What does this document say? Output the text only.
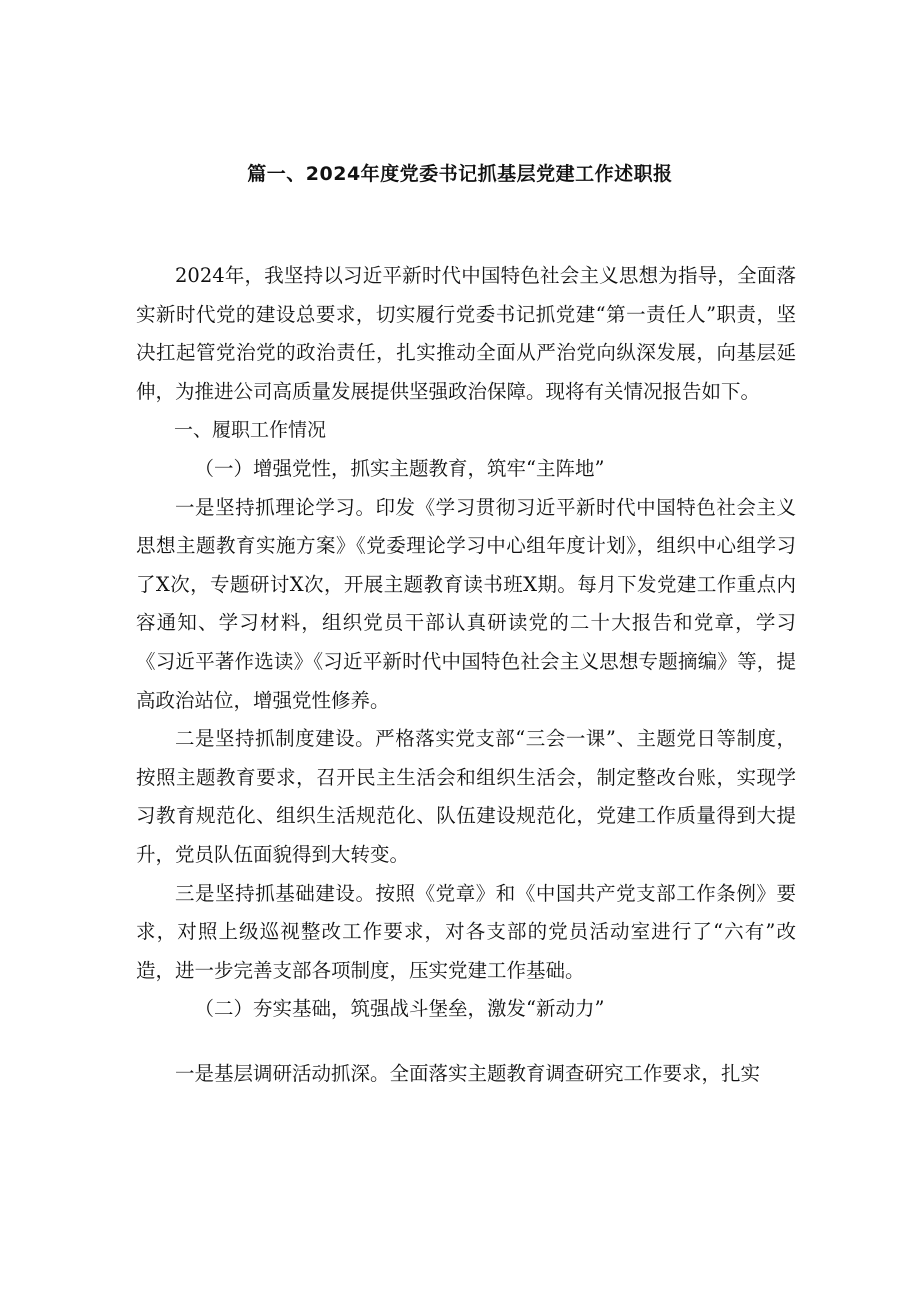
篇一、2024年度党委书记抓基层党建工作述职报

2024年，我坚持以习近平新时代中国特色社会主义思想为指导，全面落实新时代党的建设总要求，切实履行党委书记抓党建“第一责任人”职责，坚决扛起管党治党的政治责任，扎实推动全面从严治党向纵深发展，向基层延伸，为推进公司高质量发展提供坚强政治保障。现将有关情况报告如下。

一、履职工作情况

（一）增强党性，抓实主题教育，筑牢“主阵地”

一是坚持抓理论学习。印发《学习贯彻习近平新时代中国特色社会主义思想主题教育实施方案》《党委理论学习中心组年度计划》，组织中心组学习了X次，专题研讨X次，开展主题教育读书班X期。每月下发党建工作重点内容通知、学习材料，组织党员干部认真研读党的二十大报告和党章，学习《习近平著作选读》《习近平新时代中国特色社会主义思想专题摘编》等，提高政治站位，增强党性修养。

二是坚持抓制度建设。严格落实党支部“三会一课”、主题党日等制度，按照主题教育要求，召开民主生活会和组织生活会，制定整改台账，实现学习教育规范化、组织生活规范化、队伍建设规范化，党建工作质量得到大提升，党员队伍面貌得到大转变。

三是坚持抓基础建设。按照《党章》和《中国共产党支部工作条例》要求，对照上级巡视整改工作要求，对各支部的党员活动室进行了“六有”改造，进一步完善支部各项制度，压实党建工作基础。

（二）夯实基础，筑强战斗堡垒，激发“新动力”

一是基层调研活动抓深。全面落实主题教育调查研究工作要求，扎实
